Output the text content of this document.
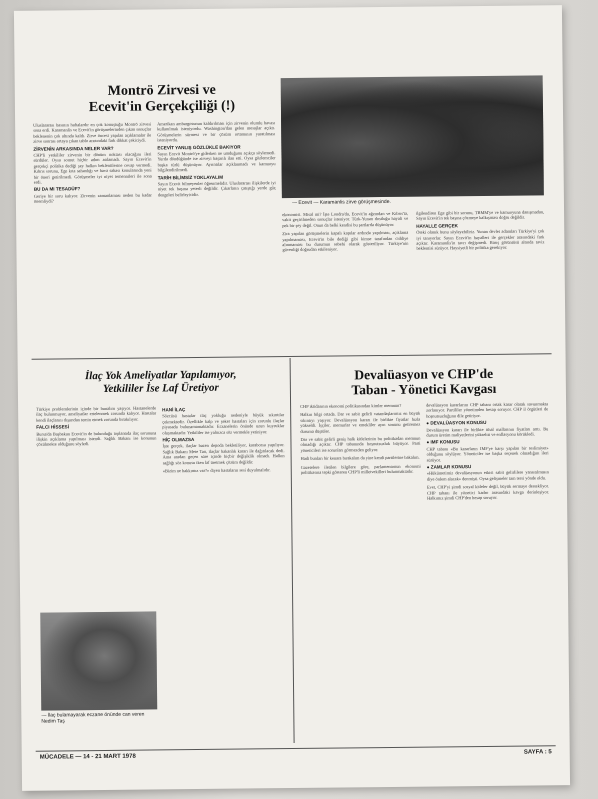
Montrö Zirvesi ve

Ecevit'in Gerçekçiliği (!)

Uluslararası basının haftalardır en çok konuştuğu Montrö zirvesi sona erdi. Karamanlis ve Ecevit'in görüşmelerinden çıkan sonuçlar beklenenin çok altında kaldı. Zirve öncesi yapılan açıklamalar ile zirve sonrası ortaya çıkan tablo arasındaki fark dikkat çekiciydi.
ZİRVENİN ARKASINDA NELER VAR?
CHP'li yetkililer zirvenin bir dönüm noktası olacağını ileri sürdüler. Oysa somut hiçbir adım atılamadı. Sayın Ecevit'in gerçekçi politika dediği şey halkın beklentilerine cevap vermedi. Kıbrıs sorunu, Ege kıta sahanlığı ve hava sahası konularında yeni bir öneri getirilmedi. Görüşmeler iyi niyet temennileri ile sona erdi.
BU DA MI TESADÜF?
Geriye bir soru kalıyor. Zirvenin zamanlaması neden bu kadar önemliydi?
Amerikan ambargosunun kaldırılması için zirvenin olumlu havası kullanılmak isteniyordu. Washington'dan gelen mesajlar açıktı. Görüşmelerin sürmesi ve bir çözüm ortamının yaratılması isteniyordu.
ECEVİT YANLIŞ GÖZLÜKLE BAKIYOR
Sayın Ecevit Montrö'ye giderken ne umduğunu açıkça söylemedi. Yurda döndüğünde ise zirveyi başarılı ilan etti. Oysa gözlemciler başka türlü düşünüyor. Ayrıntılar açıklanmadı ve kamuoyu bilgilendirilmedi.
TARİH BİLİMSİZ YOKLAYALIM
Sayın Ecevit bilmeyenler öğrenmelidir. Uluslararası ilişkilerde iyi niyet tek başına yeterli değildir. Çıkarların çatıştığı yerde güç dengeleri belirleyicidir.
— Ecevit — Karamanlis zirve görüşmesinde.
ekonomisi. Misal mi? İşte Londra'da, Ecevit'in ağzından ve Kıbrıs'ta, vakit geçirilmeden sonuçlar isteniyor. Türk-Yunan dostluğu hayali ve pek bir şey değil. Onun da belki kendisi bu şartlarda düşünüyor.
Zira yapılan görüşmelerin kapalı kapılar ardında yapılması, açıklama yapılmaması, Ecevit'in bile dediği gibi kimse tarafından ciddiye alınmaması bu durumun sebebi olarak gösteriliyor. Türkiye'nin güvenliği doğrudan etkileniyor.
ilgilendiren Ege gibi bir sorunu, TBMM'ye ve kamuoyuna danışmadan, Sayın Ecevit'in tek başına çözmeye kalkışması doğru değildir.
HAYALLE GERÇEK
Öteki olanık bunu söyleyebiliriz. Yunan devlet adamları Türkiye'yi çok iyi tanıyorlar. Sayın Ecevit'in hayalleri ile gerçekler arasındaki fark açıktır. Karamanlis'in tavrı değişmedi. Barış görüntüsü altında taviz beklentisi sürüyor. Haysiyetli bir politika gerekiyor.

İlaç Yok Ameliyatlar Yapılamıyor,

Yetkililer İse Laf Üretiyor

Türkiye problemlerinin içinde bir bunalım yaşıyor. Hastanelerde ilaç bulunmuyor, ameliyatlar ertelenmek zorunda kalıyor. Hastalar kendi ilaçlarını dışarıdan temin etmek zorunda bırakılıyor.
FALCI HİSSESİ
Bursa'da Başbakan Ecevit'in de bulunduğu toplantıda ilaç sorununa ilişkin açıklama yapılması istendi. Sağlık Bakanı ise konunun çözülmekte olduğunu söyledi.
— İlaç bulamayarak eczane önünde can veren Nedim Taş
HANİ İLAÇ
Sözcüsü hastalar ilaç yokluğu nedeniyle büyük sıkıntılar çekmektedir. Özellikle kalp ve şeker hastaları için zorunlu ilaçlar piyasada bulunamamaktadır. Eczanelerin önünde uzun kuyruklar oluşmaktadır. Yetkililer ise yalnızca söz vermekle yetiniyor.
HİÇ OLMAZSA
İşte gerçek, ilaçlar bazen depoda bekletiliyor, karaborsa yapılıyor. Sağlık Bakanı Mete Tan, ilaçlar bakanlık kararı ile dağıtılacak dedi. Ama aradan geçen süre içinde hiçbir değişiklik olmadı. Halkın sağlığı söz konusu iken laf üretmek çözüm değildir.
«Bizim ne hakkımız var?» diyen hastaların sesi duyulmalıdır.

Devalüasyon ve CHP'de

Taban - Yönetici Kavgası

CHP iktidarının ekonomi politikasından kimler memnun?
Halkın bilgi ortada. Dar ve sabit gelirli vatandaşlarımız en büyük sıkıntıyı yaşıyor. Devalüasyon kararı ile birlikte fiyatlar hızla yükseldi. İşçiler, memurlar ve emekliler ayın sonunu getiremez duruma düştüler.
Dar ve sabit gelirli geniş halk kitlelerinin bu politikadan memnun olmadığı açıktır. CHP tabanında hoşnutsuzluk büyüyor. Parti yöneticileri ise sorunları görmezden geliyor.
Hadi bunları bir kenara bırakalım da yine kendi partilerine bakalım.
Gazetelere iletilen bilgilere göre, parlamentonun ekonomi politikasına tepki gösteren CHP'li milletvekilleri bulunmaktadır.
devalüasyon kararlarını CHP tabanı ortak karar olarak savunmakta zorlanıyor. Partililer yönetimden hesap soruyor. CHP il örgütleri de hoşnutsuzluğunu dile getiriyor.
● DEVALÜASYON KONUSU
Devalüasyon kararı ile birlikte ithal mallarının fiyatları arttı. Bu durum üretim maliyetlerini yükseltti ve enflasyonu körükledi.
● IMF KONUSU
CHP tabanı «Bu kararların IMF'ye karşı yapılan bir teslimiyet» olduğunu söylüyor. Yöneticiler ise başka seçenek olmadığını ileri sürüyor.
● ZAMLAR KONUSU
«Hükümetimiz devalüasyonun etkisi sabit gelirlilere yansıtılmasın diye önlem alacak» denmişti. Oysa gelişmeler tam tersi yönde oldu.
Evet, CHP'yi şimdi sosyal kitleler değil, büyük sermaye destekliyor. CHP tabanı ile yönetici kadro arasındaki kavga derinleşiyor. Halkımız şimdi CHP'den hesap soruyor.
MÜCADELE — 14 - 21 MART 1978
SAYFA : 5
